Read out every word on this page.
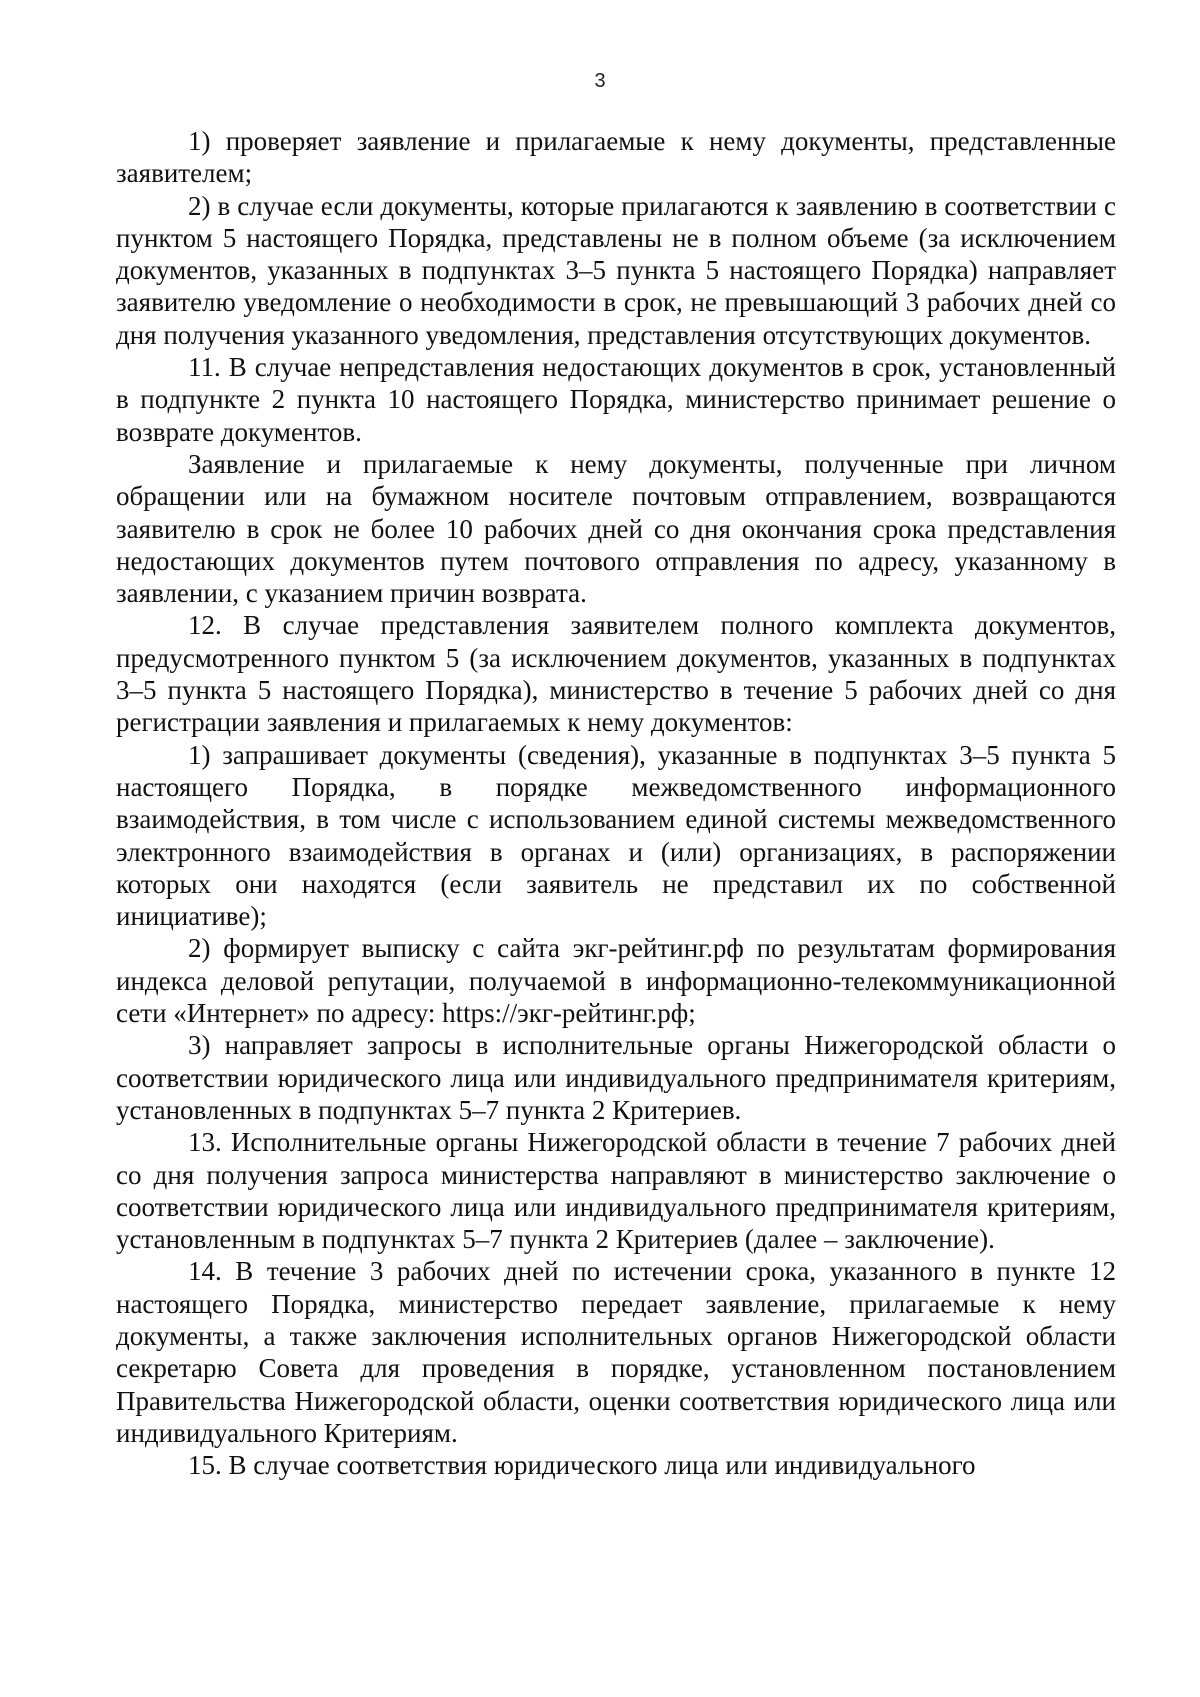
3

1) проверяет заявление и прилагаемые к нему документы, представленные заявителем;

2) в случае если документы, которые прилагаются к заявлению в соответствии с пунктом 5 настоящего Порядка, представлены не в полном объеме (за исключением документов, указанных в подпунктах 3–5 пункта 5 настоящего Порядка) направляет заявителю уведомление о необходимости в срок, не превышающий 3 рабочих дней со дня получения указанного уведомления, представления отсутствующих документов.

11. В случае непредставления недостающих документов в срок, установленный в подпункте 2 пункта 10 настоящего Порядка, министерство принимает решение о возврате документов.

Заявление и прилагаемые к нему документы, полученные при личном обращении или на бумажном носителе почтовым отправлением, возвращаются заявителю в срок не более 10 рабочих дней со дня окончания срока представления недостающих документов путем почтового отправления по адресу, указанному в заявлении, с указанием причин возврата.

12. В случае представления заявителем полного комплекта документов, предусмотренного пунктом 5 (за исключением документов, указанных в подпунктах 3–5 пункта 5 настоящего Порядка), министерство в течение 5 рабочих дней со дня регистрации заявления и прилагаемых к нему документов:

1) запрашивает документы (сведения), указанные в подпунктах 3–5 пункта 5 настоящего Порядка, в порядке межведомственного информационного взаимодействия, в том числе с использованием единой системы межведомственного электронного взаимодействия в органах и (или) организациях, в распоряжении которых они находятся (если заявитель не представил их по собственной инициативе);

2) формирует выписку с сайта экг-рейтинг.рф по результатам формирования индекса деловой репутации, получаемой в информационно-телекоммуникационной сети «Интернет» по адресу: https://экг-рейтинг.рф;

3) направляет запросы в исполнительные органы Нижегородской области о соответствии юридического лица или индивидуального предпринимателя критериям, установленных в подпунктах 5–7 пункта 2 Критериев.

13. Исполнительные органы Нижегородской области в течение 7 рабочих дней со дня получения запроса министерства направляют в министерство заключение о соответствии юридического лица или индивидуального предпринимателя критериям, установленным в подпунктах 5–7 пункта 2 Критериев (далее – заключение).

14. В течение 3 рабочих дней по истечении срока, указанного в пункте 12 настоящего Порядка, министерство передает заявление, прилагаемые к нему документы, а также заключения исполнительных органов Нижегородской области секретарю Совета для проведения в порядке, установленном постановлением Правительства Нижегородской области, оценки соответствия юридического лица или индивидуального Критериям.

15. В случае соответствия юридического лица или индивидуального
